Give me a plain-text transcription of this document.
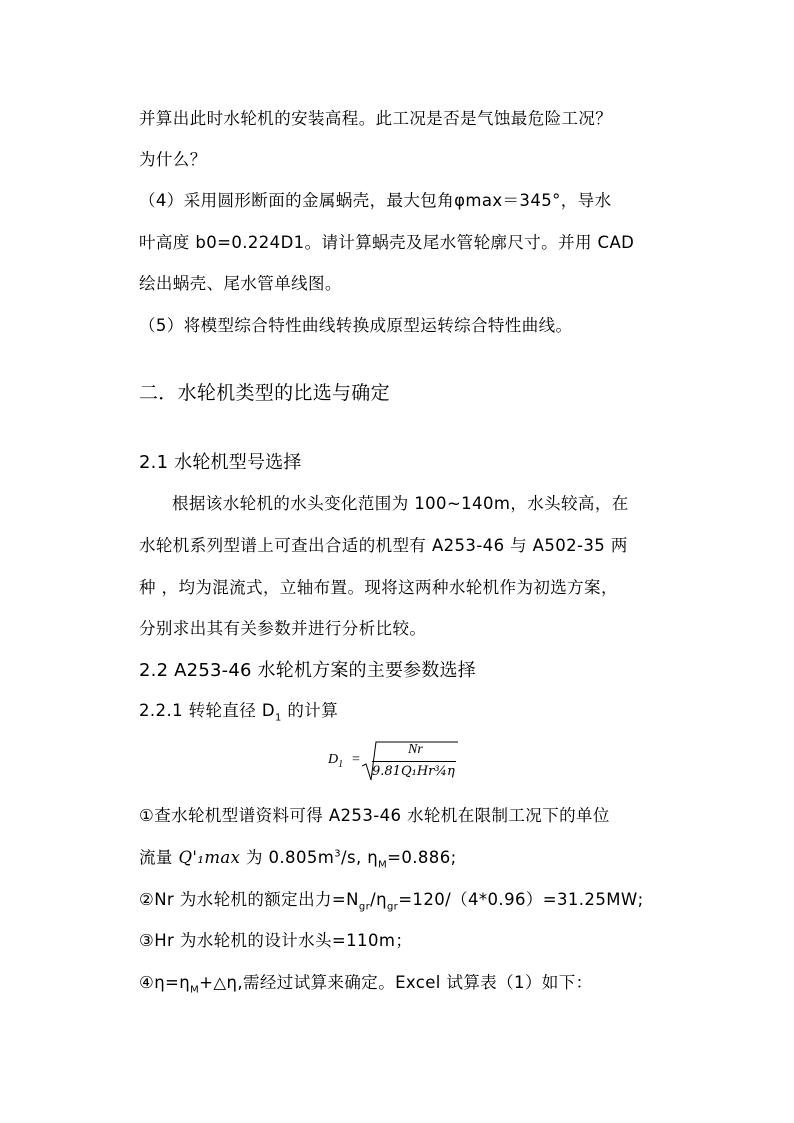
并算出此时水轮机的安装高程。此工况是否是气蚀最危险工况？
为什么？
（4）采用圆形断面的金属蜗壳，最大包角φmax＝345°，导水
叶高度 b0=0.224D1。请计算蜗壳及尾水管轮廓尺寸。并用 CAD
绘出蜗壳、尾水管单线图。
（5）将模型综合特性曲线转换成原型运转综合特性曲线。
二．水轮机类型的比选与确定
2.1 水轮机型号选择
根据该水轮机的水头变化范围为 100~140m，水头较高，在
水轮机系列型谱上可查出合适的机型有 A253-46 与 A502-35 两
种 ，均为混流式，立轴布置。现将这两种水轮机作为初选方案，
分别求出其有关参数并进行分析比较。
2.2 A253-46 水轮机方案的主要参数选择
2.2.1 转轮直径 $D_1$ 的计算
$D_1$ =
Nr
9.81Q₁Hr¾η
①查水轮机型谱资料可得 A253-46 水轮机在限制工况下的单位
流量 Q'₁max 为 $0.805m^3/s$, $\eta_M=0.886$;
②Nr 为水轮机的额定出力$=N_{gr}/\eta_{gr}=120/(4*0.96)=31.25MW$;
③Hr 为水轮机的设计水头=110m；
$④\eta=\eta_M+\triangle\eta$,需经过试算来确定。Excel 试算表（1）如下：
